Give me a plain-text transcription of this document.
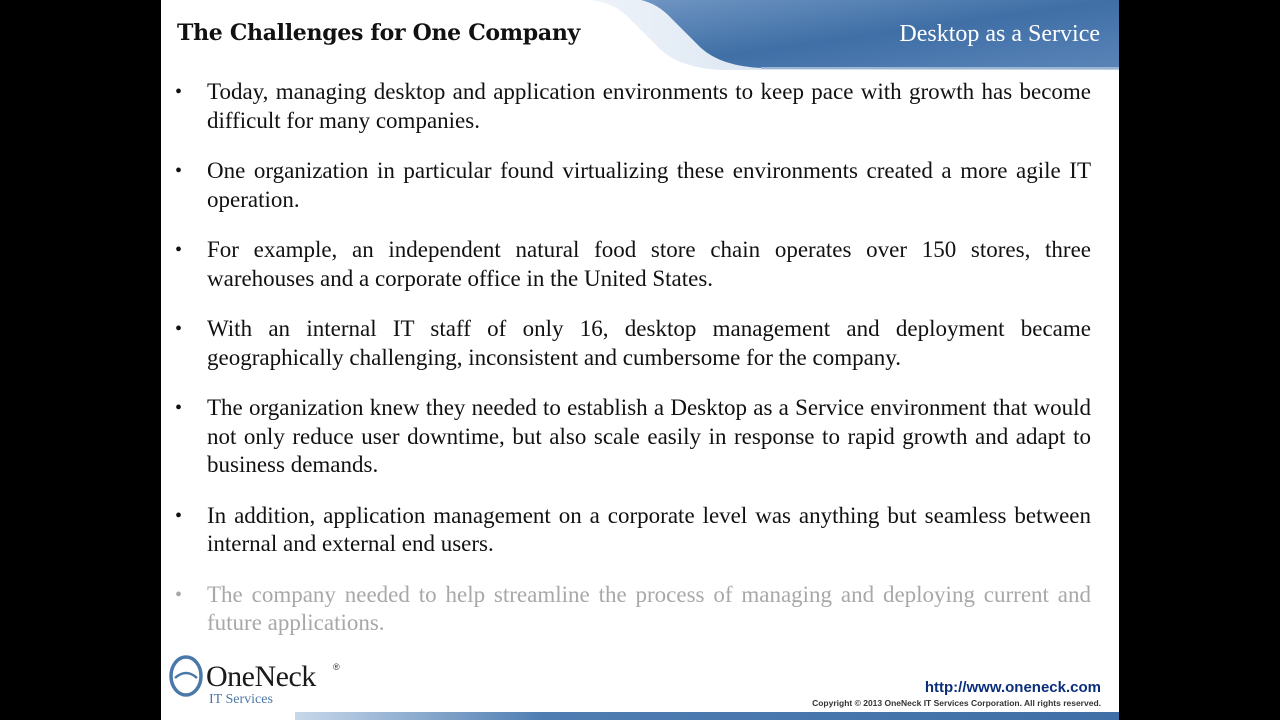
The Challenges for One Company	Desktop as a Service
• Today, managing desktop and application environments to keep pace with growth has become difficult for many companies.
• One organization in particular found virtualizing these environments created a more agile IT operation.
• For example, an independent natural food store chain operates over 150 stores, three warehouses and a corporate office in the United States.
• With an internal IT staff of only 16, desktop management and deployment became geographically challenging, inconsistent and cumbersome for the company.
• The organization knew they needed to establish a Desktop as a Service environment that would not only reduce user downtime, but also scale easily in response to rapid growth and adapt to business demands.
• In addition, application management on a corporate level was anything but seamless between internal and external end users.
• The company needed to help streamline the process of managing and deploying current and future applications.
OneNeck ®
IT Services
http://www.oneneck.com
Copyright © 2013 OneNeck IT Services Corporation. All rights reserved.
